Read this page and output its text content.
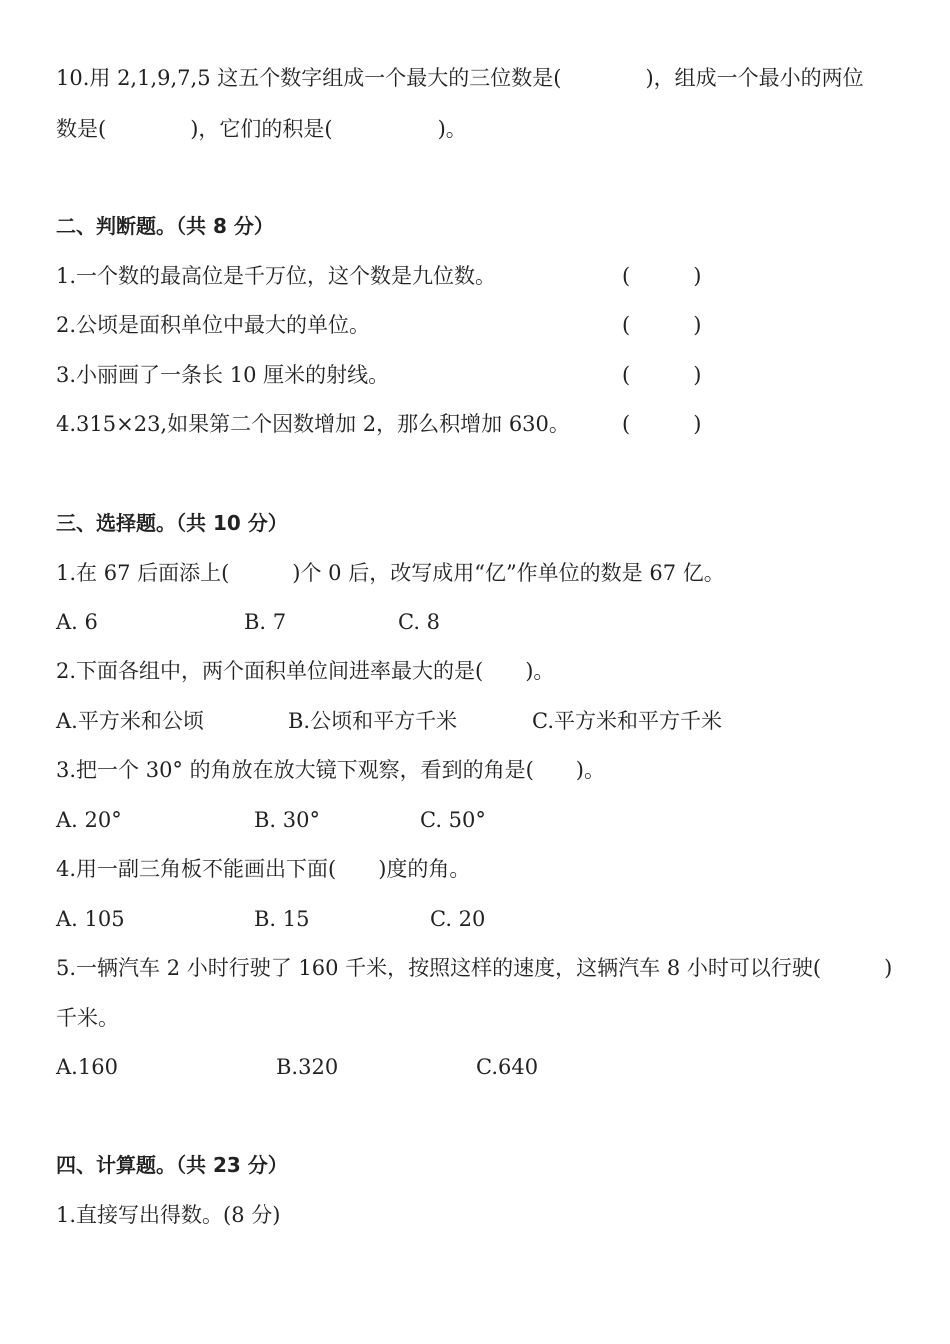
10.用 2,1,9,7,5 这五个数字组成一个最大的三位数是(　　　　)，组成一个最小的两位
数是(　　　　)，它们的积是(　　　　　)。
二、判断题。（共 8 分）
1.一个数的最高位是千万位，这个数是九位数。	(　　　)
2.公顷是面积单位中最大的单位。	(　　　)
3.小丽画了一条长 10 厘米的射线。	(　　　)
4.315×23,如果第二个因数增加 2，那么积增加 630。 (　　　)
三、选择题。（共 10 分）
1.在 67 后面添上(　　　)个 0 后，改写成用“亿”作单位的数是 67 亿。
A. 6	B. 7	C. 8
2.下面各组中，两个面积单位间进率最大的是(　　)。
A.平方米和公顷	B.公顷和平方千米	C.平方米和平方千米
3.把一个 30° 的角放在放大镜下观察，看到的角是(　　)。
A. 20°	B. 30°	C. 50°
4.用一副三角板不能画出下面(　　)度的角。
A. 105	B. 15	C. 20
5.一辆汽车 2 小时行驶了 160 千米，按照这样的速度，这辆汽车 8 小时可以行驶(　　　)
千米。
A.160	B.320	C.640
四、计算题。（共 23 分）
1.直接写出得数。(8 分)
